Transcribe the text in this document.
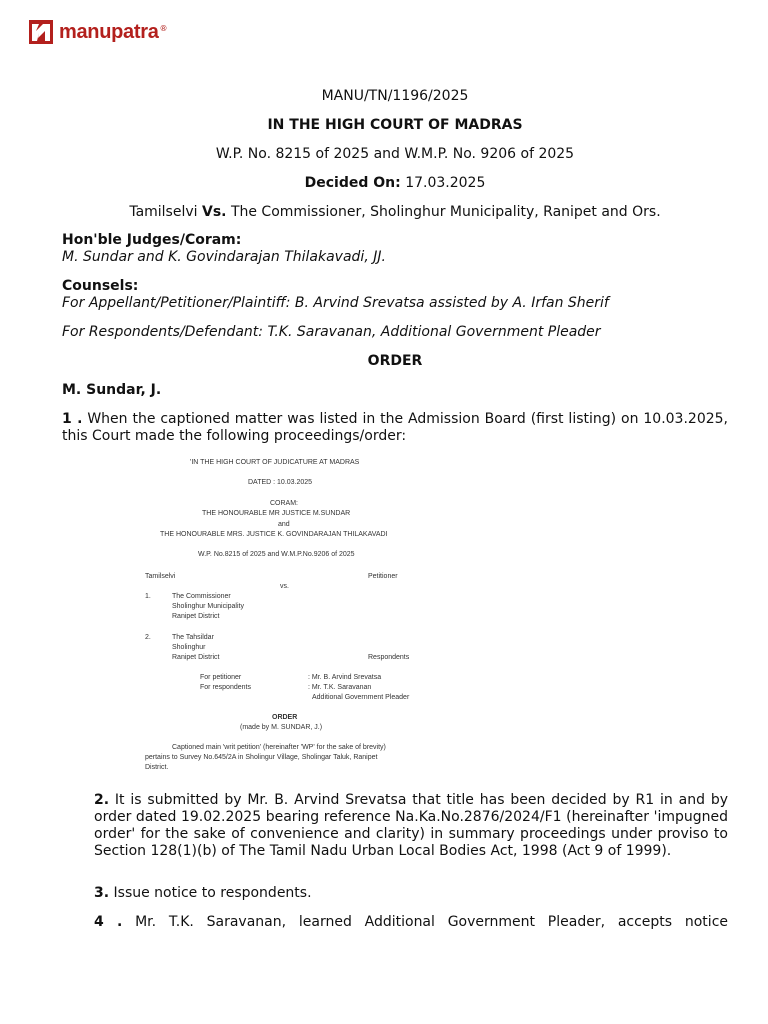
manupatra ®

MANU/TN/1196/2025

IN THE HIGH COURT OF MADRAS

W.P. No. 8215 of 2025 and W.M.P. No. 9206 of 2025

Decided On: 17.03.2025

Tamilselvi Vs. The Commissioner, Sholinghur Municipality, Ranipet and Ors.

Hon'ble Judges/Coram:

M. Sundar and K. Govindarajan Thilakavadi, JJ.

Counsels:

For Appellant/Petitioner/Plaintiff: B. Arvind Srevatsa assisted by A. Irfan Sherif

For Respondents/Defendant: T.K. Saravanan, Additional Government Pleader

ORDER

M. Sundar, J.

1 . When the captioned matter was listed in the Admission Board (first listing) on 10.03.2025, this Court made the following proceedings/order:

'IN THE HIGH COURT OF JUDICATURE AT MADRAS
DATED : 10.03.2025
CORAM:
THE HONOURABLE MR JUSTICE M.SUNDAR
and
THE HONOURABLE MRS. JUSTICE K. GOVINDARAJAN THILAKAVADI
W.P. No.8215 of 2025 and W.M.P.No.9206 of 2025
Tamilselvi	Petitioner
vs.
1.	The Commissioner
Sholinghur Municipality
Ranipet District
2.	The Tahsildar
Sholinghur
Ranipet District	Respondents
For petitioner	: Mr. B. Arvind Srevatsa
For respondents	: Mr. T.K. Saravanan
Additional Government Pleader
ORDER
(made by M. SUNDAR, J.)
Captioned main 'writ petition' (hereinafter 'WP' for the sake of brevity)
pertains to Survey No.645/2A in Sholingur Village, Sholingar Taluk, Ranipet
District.

2. It is submitted by Mr. B. Arvind Srevatsa that title has been decided by R1 in and by order dated 19.02.2025 bearing reference Na.Ka.No.2876/2024/F1 (hereinafter 'impugned order' for the sake of convenience and clarity) in summary proceedings under proviso to Section 128(1)(b) of The Tamil Nadu Urban Local Bodies Act, 1998 (Act 9 of 1999).

3. Issue notice to respondents.

4 . Mr. T.K. Saravanan, learned Additional Government Pleader, accepts notice
